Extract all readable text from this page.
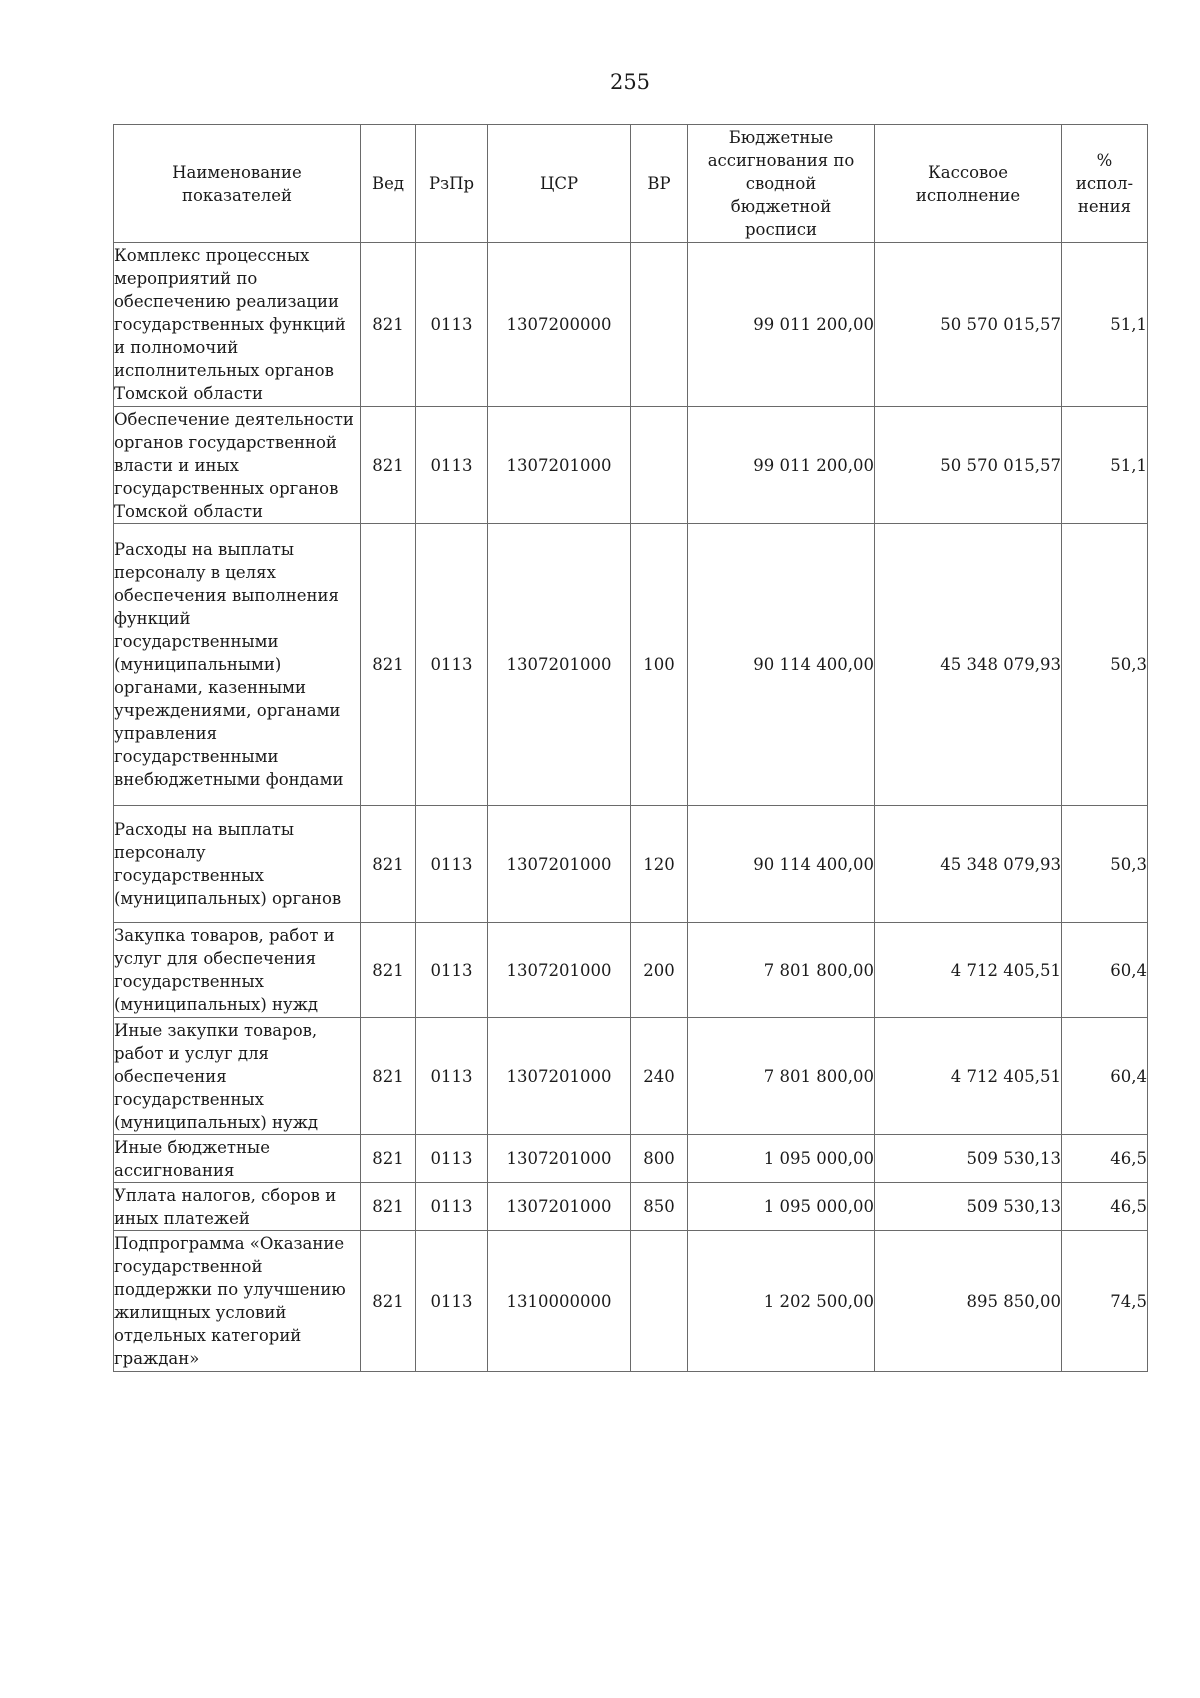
255
Наименование показателей	Вед	РзПр	ЦСР	ВР	Бюджетные ассигнования по сводной бюджетной росписи	Кассовое исполнение	% испол-нения
Комплекс процессных мероприятий по обеспечению реализации государственных функций и полномочий исполнительных органов Томской области	821	0113	1307200000		99 011 200,00	50 570 015,57	51,1
Обеспечение деятельности органов государственной власти и иных государственных органов Томской области	821	0113	1307201000		99 011 200,00	50 570 015,57	51,1
Расходы на выплаты персоналу в целях обеспечения выполнения функций государственными (муниципальными) органами, казенными учреждениями, органами управления государственными внебюджетными фондами	821	0113	1307201000	100	90 114 400,00	45 348 079,93	50,3
Расходы на выплаты персоналу государственных (муниципальных) органов	821	0113	1307201000	120	90 114 400,00	45 348 079,93	50,3
Закупка товаров, работ и услуг для обеспечения государственных (муниципальных) нужд	821	0113	1307201000	200	7 801 800,00	4 712 405,51	60,4
Иные закупки товаров, работ и услуг для обеспечения государственных (муниципальных) нужд	821	0113	1307201000	240	7 801 800,00	4 712 405,51	60,4
Иные бюджетные ассигнования	821	0113	1307201000	800	1 095 000,00	509 530,13	46,5
Уплата налогов, сборов и иных платежей	821	0113	1307201000	850	1 095 000,00	509 530,13	46,5
Подпрограмма «Оказание государственной поддержки по улучшению жилищных условий отдельных категорий граждан»	821	0113	1310000000		1 202 500,00	895 850,00	74,5
